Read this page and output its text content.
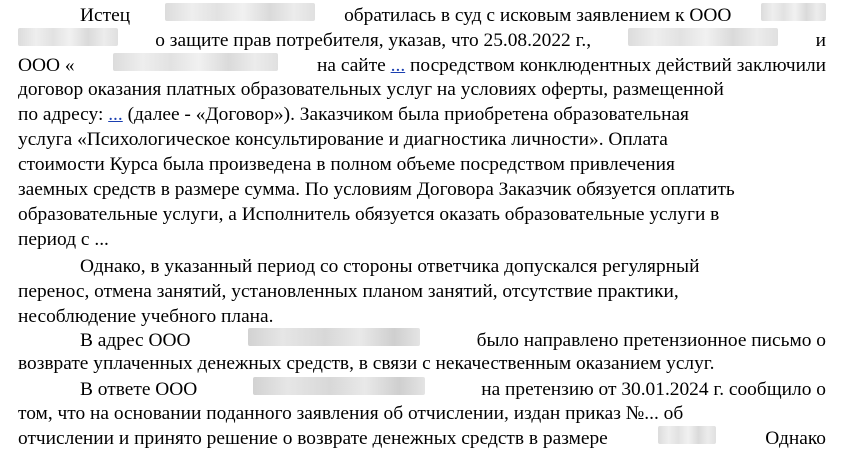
Истец	обратилась в суд с исковым заявлением к ООО
о защите прав потребителя, указав, что 25.08.2022 г.,	и
ООО «	на сайте ... посредством конклюдентных действий заключили
договор оказания платных образовательных услуг на условиях оферты, размещенной
по адресу: ... (далее - «Договор»). Заказчиком была приобретена образовательная
услуга «Психологическое консультирование и диагностика личности». Оплата
стоимости Курса была произведена в полном объеме посредством привлечения
заемных средств в размере сумма. По условиям Договора Заказчик обязуется оплатить
образовательные услуги, а Исполнитель обязуется оказать образовательные услуги в
период с ...
Однако, в указанный период со стороны ответчика допускался регулярный
перенос, отмена занятий, установленных планом занятий, отсутствие практики,
несоблюдение учебного плана.
В адрес ООО	было направлено претензионное письмо о
возврате уплаченных денежных средств, в связи с некачественным оказанием услуг.
В ответе ООО	на претензию от 30.01.2024 г. сообщило о
том, что на основании поданного заявления об отчислении, издан приказ №... об
отчислении и принято решение о возврате денежных средств в размере	Однако
